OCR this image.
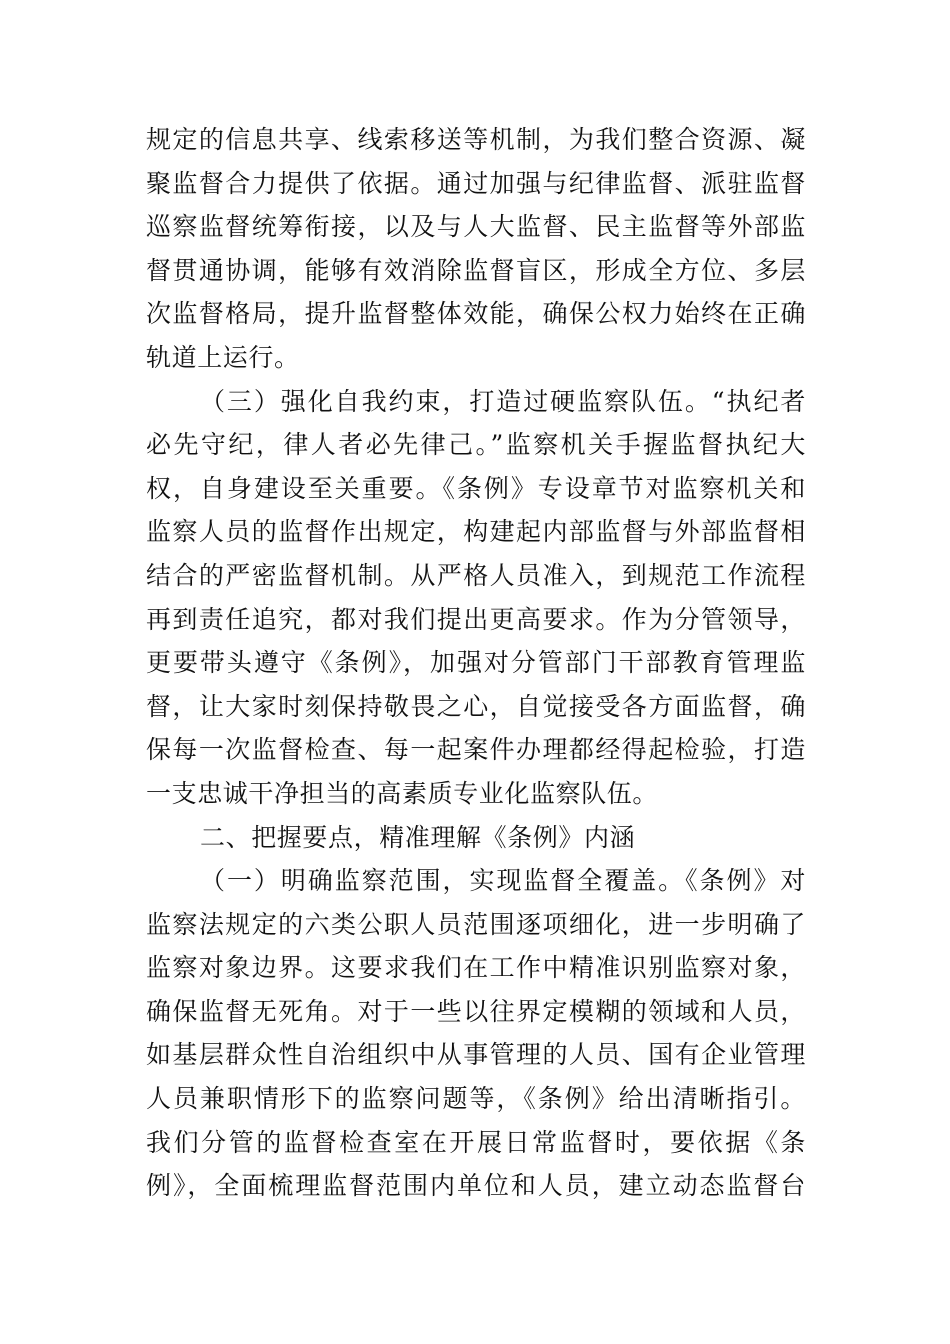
规定的信息共享、线索移送等机制，为我们整合资源、凝
聚监督合力提供了依据。通过加强与纪律监督、派驻监督
巡察监督统筹衔接，以及与人大监督、民主监督等外部监
督贯通协调，能够有效消除监督盲区，形成全方位、多层
次监督格局，提升监督整体效能，确保公权力始终在正确
轨道上运行。
（三）强化自我约束，打造过硬监察队伍。“执纪者
必先守纪，律人者必先律己。”监察机关手握监督执纪大
权，自身建设至关重要。《条例》专设章节对监察机关和
监察人员的监督作出规定，构建起内部监督与外部监督相
结合的严密监督机制。从严格人员准入，到规范工作流程
再到责任追究，都对我们提出更高要求。作为分管领导，
更要带头遵守《条例》，加强对分管部门干部教育管理监
督，让大家时刻保持敬畏之心，自觉接受各方面监督，确
保每一次监督检查、每一起案件办理都经得起检验，打造
一支忠诚干净担当的高素质专业化监察队伍。
二、把握要点，精准理解《条例》内涵
（一）明确监察范围，实现监督全覆盖。《条例》对
监察法规定的六类公职人员范围逐项细化，进一步明确了
监察对象边界。这要求我们在工作中精准识别监察对象，
确保监督无死角。对于一些以往界定模糊的领域和人员，
如基层群众性自治组织中从事管理的人员、国有企业管理
人员兼职情形下的监察问题等，《条例》给出清晰指引。
我们分管的监督检查室在开展日常监督时，要依据《条
例》，全面梳理监督范围内单位和人员，建立动态监督台
